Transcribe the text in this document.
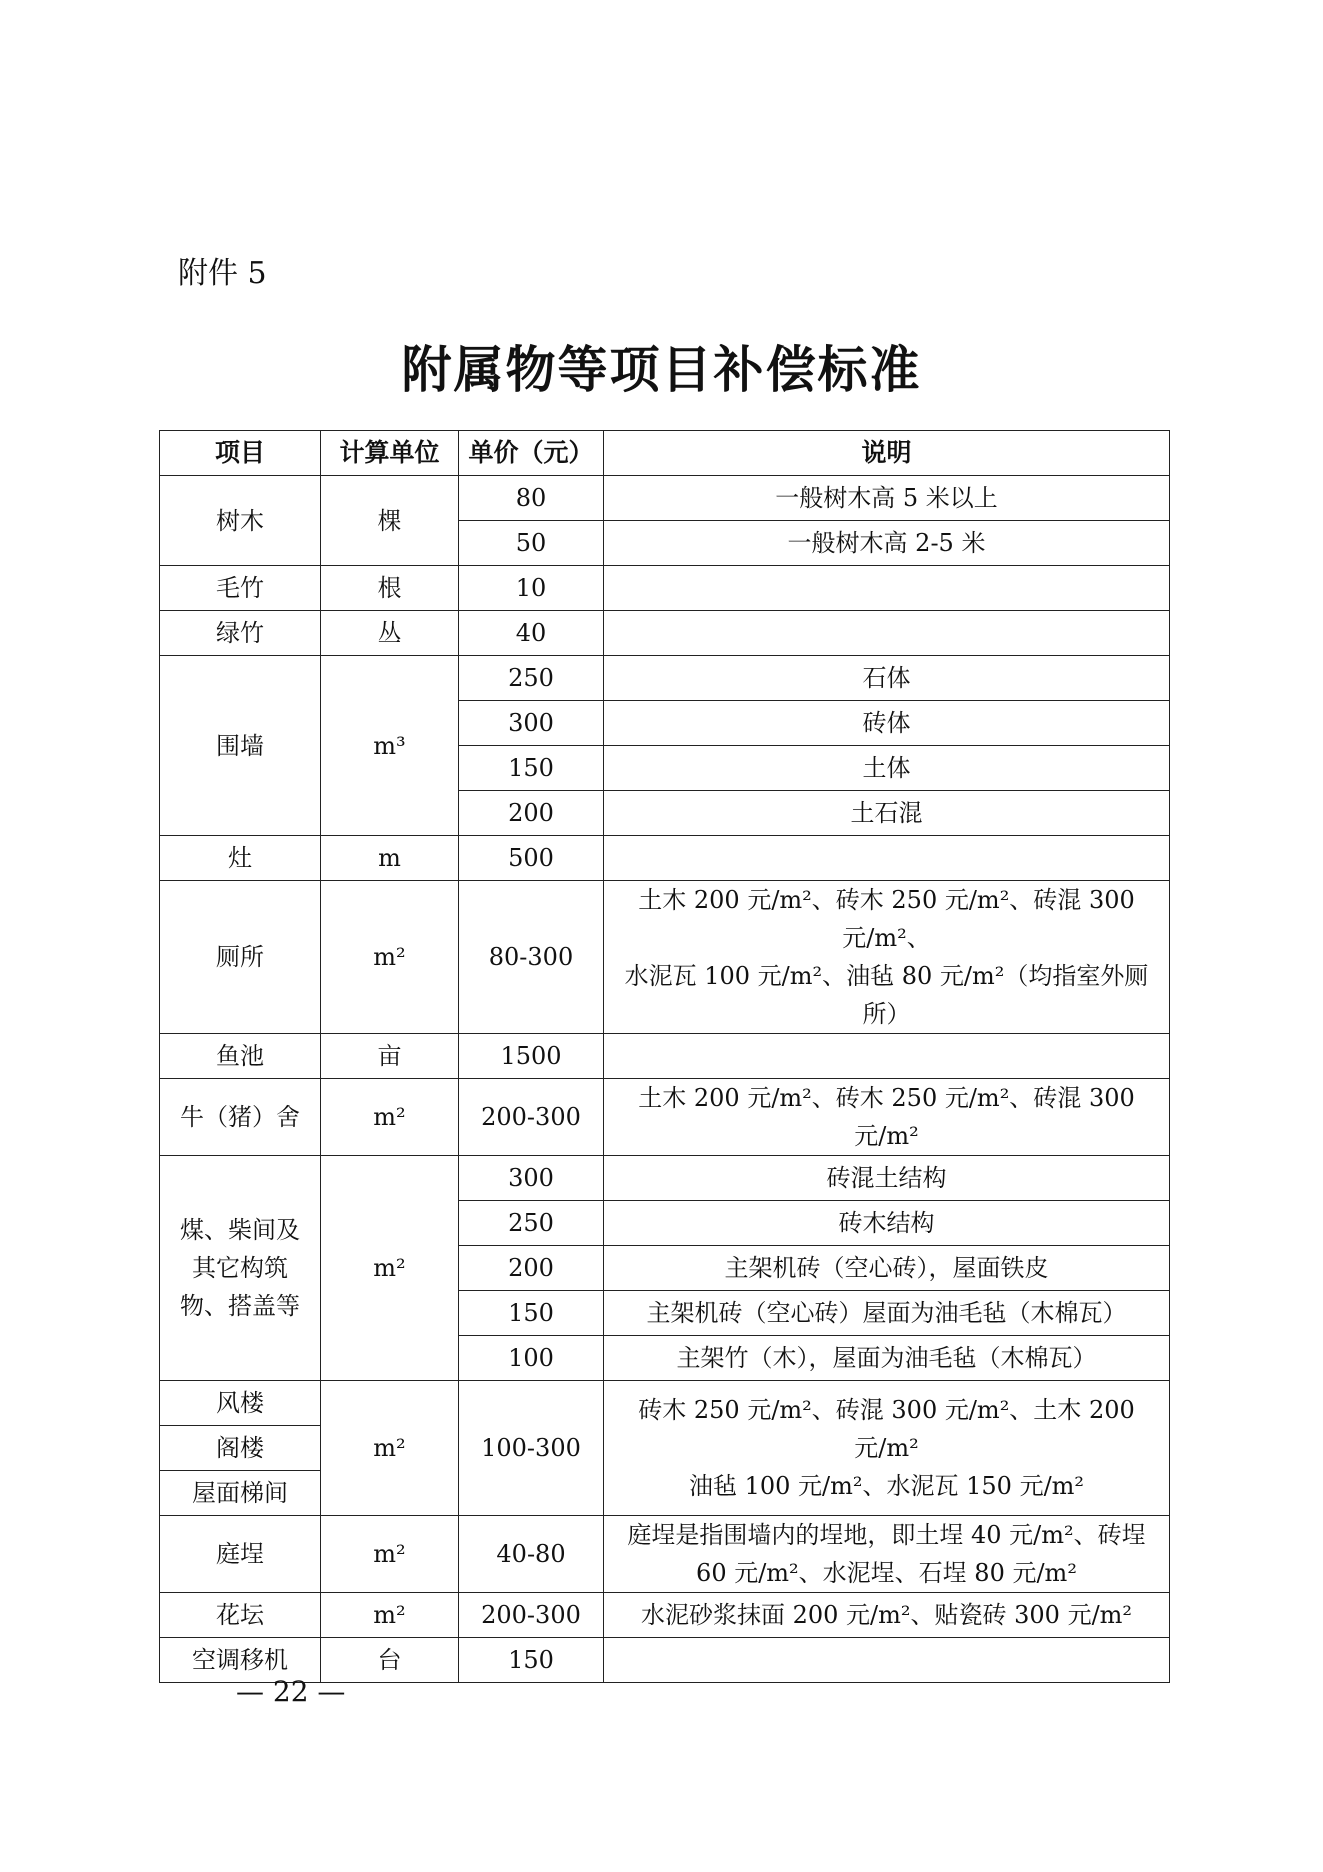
附件 5
附属物等项目补偿标准
项目	计算单位	单价（元）	说明
树木	棵	80	一般树木高 5 米以上
		50	一般树木高 2-5 米
毛竹	根	10	
绿竹	丛	40	
围墙	m³	250	石体
		300	砖体
		150	土体
		200	土石混
灶	m	500	
厕所	m²	80-300	土木 200 元/m²、砖木 250 元/m²、砖混 300 元/m²、
水泥瓦 100 元/m²、油毡 80 元/m²（均指室外厕所）

鱼池	亩	1500	
牛（猪）舍	m²	200-300	土木 200 元/m²、砖木 250 元/m²、砖混 300 元/m²

煤、柴间及
其它构筑
物、搭盖等	m²	300	砖混土结构
		250	砖木结构
		200	主架机砖（空心砖），屋面铁皮
		150	主架机砖（空心砖）屋面为油毛毡（木棉瓦）
		100	主架竹（木），屋面为油毛毡（木棉瓦）
风楼	m²	100-300	砖木 250 元/m²、砖混 300 元/m²、土木 200 元/m²
油毡 100 元/m²、水泥瓦 150 元/m²

阁楼			
屋面梯间			
庭埕	m²	40-80	庭埕是指围墙内的埕地，即土埕 40 元/m²、砖埕
60 元/m²、水泥埕、石埕 80 元/m²

花坛	m²	200-300	水泥砂浆抹面 200 元/m²、贴瓷砖 300 元/m²
空调移机	台	150	
— 22 —
